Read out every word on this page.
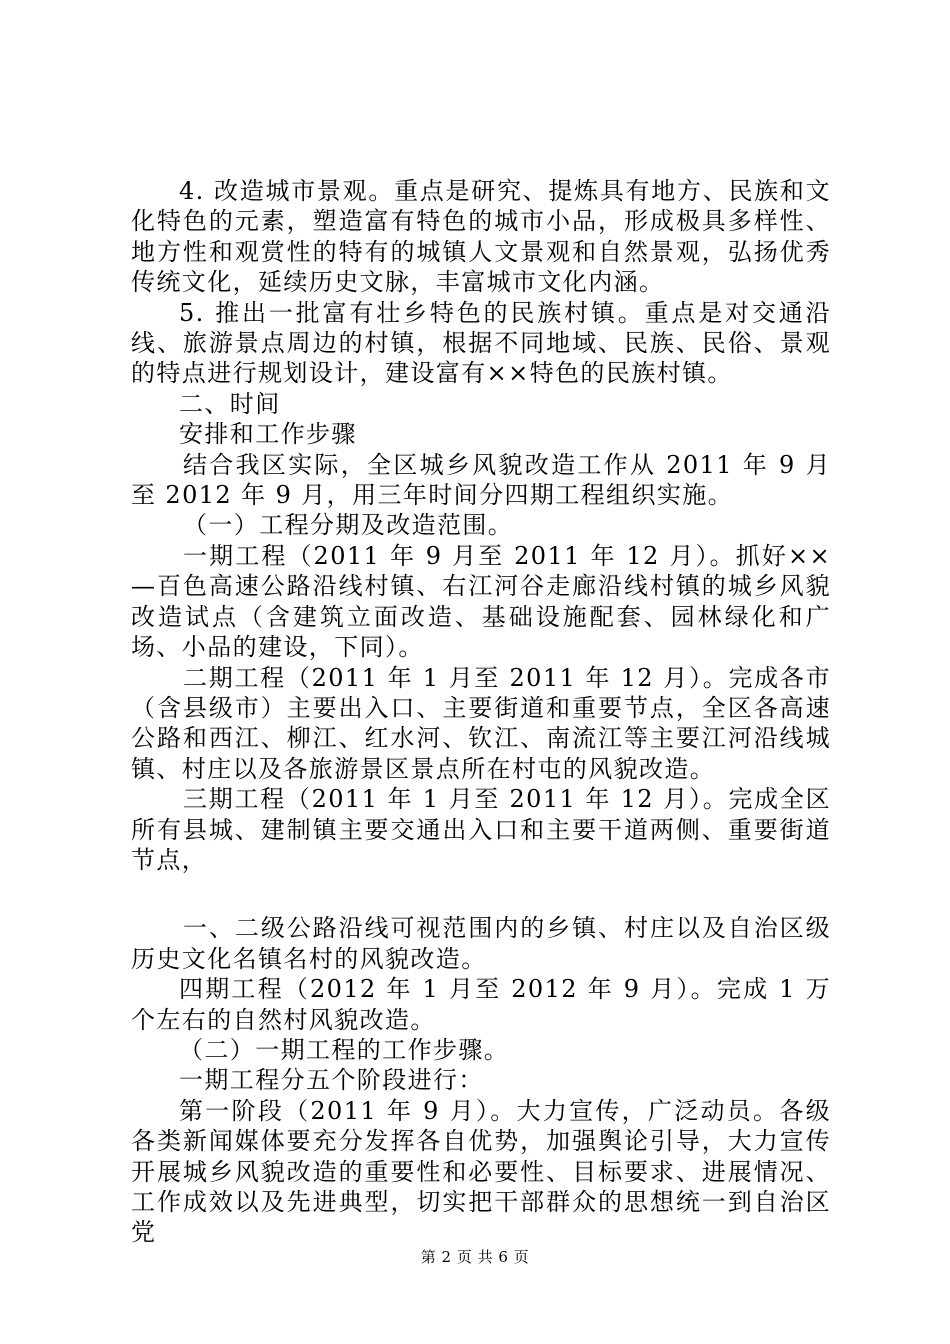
4. 改造城市景观。重点是研究、提炼具有地方、民族和文化特色的元素，塑造富有特色的城市小品，形成极具多样性、地方性和观赏性的特有的城镇人文景观和自然景观，弘扬优秀传统文化，延续历史文脉，丰富城市文化内涵。

5. 推出一批富有壮乡特色的民族村镇。重点是对交通沿线、旅游景点周边的村镇，根据不同地域、民族、民俗、景观的特点进行规划设计，建设富有××特色的民族村镇。

二、时间

安排和工作步骤

结合我区实际，全区城乡风貌改造工作从 2011 年 9 月至 2012 年 9 月，用三年时间分四期工程组织实施。

（一）工程分期及改造范围。

一期工程（2011 年 9 月至 2011 年 12 月）。抓好××—百色高速公路沿线村镇、右江河谷走廊沿线村镇的城乡风貌改造试点（含建筑立面改造、基础设施配套、园林绿化和广场、小品的建设，下同）。

二期工程（2011 年 1 月至 2011 年 12 月）。完成各市（含县级市）主要出入口、主要街道和重要节点，全区各高速公路和西江、柳江、红水河、钦江、南流江等主要江河沿线城镇、村庄以及各旅游景区景点所在村屯的风貌改造。

三期工程（2011 年 1 月至 2011 年 12 月）。完成全区所有县城、建制镇主要交通出入口和主要干道两侧、重要街道节点，

一、二级公路沿线可视范围内的乡镇、村庄以及自治区级历史文化名镇名村的风貌改造。

四期工程（2012 年 1 月至 2012 年 9 月）。完成 1 万个左右的自然村风貌改造。

（二）一期工程的工作步骤。

一期工程分五个阶段进行：

第一阶段（2011 年 9 月）。大力宣传，广泛动员。各级各类新闻媒体要充分发挥各自优势，加强舆论引导，大力宣传开展城乡风貌改造的重要性和必要性、目标要求、进展情况、工作成效以及先进典型，切实把干部群众的思想统一到自治区党

第 2 页 共 6 页
